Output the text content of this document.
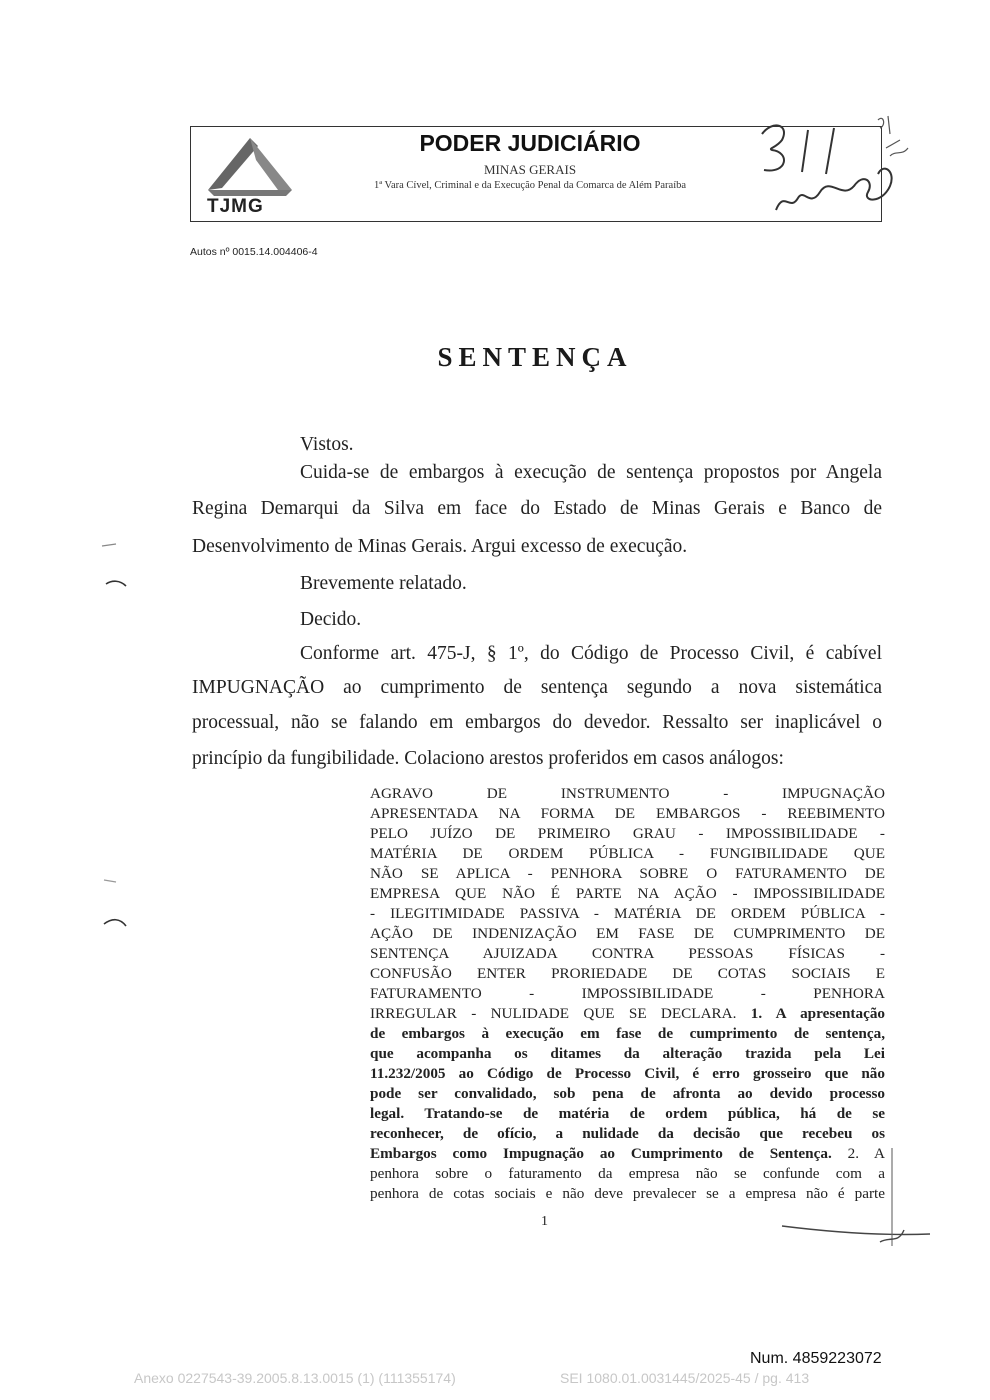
TJMG
PODER JUDICIÁRIO
MINAS GERAIS
1ª Vara Cível, Criminal e da Execução Penal da Comarca de Além Paraíba
Autos nº 0015.14.004406-4
SENTENÇA
Vistos.
Cuida-se de embargos à execução de sentença propostos por Angela
Regina Demarqui da Silva em face do Estado de Minas Gerais e Banco de
Desenvolvimento de Minas Gerais. Argui excesso de execução.
Brevemente relatado.
Decido.
Conforme art. 475-J, § 1º, do Código de Processo Civil, é cabível
IMPUGNAÇÃO ao cumprimento de sentença segundo a nova sistemática
processual, não se falando em embargos do devedor. Ressalto ser inaplicável o
princípio da fungibilidade. Colaciono arestos proferidos em casos análogos:
AGRAVO DE INSTRUMENTO - IMPUGNAÇÃO
APRESENTADA NA FORMA DE EMBARGOS - REEBIMENTO
PELO JUÍZO DE PRIMEIRO GRAU - IMPOSSIBILIDADE -
MATÉRIA DE ORDEM PÚBLICA - FUNGIBILIDADE QUE
NÃO SE APLICA - PENHORA SOBRE O FATURAMENTO DE
EMPRESA QUE NÃO É PARTE NA AÇÃO - IMPOSSIBILIDADE
- ILEGITIMIDADE PASSIVA - MATÉRIA DE ORDEM PÚBLICA -
AÇÃO DE INDENIZAÇÃO EM FASE DE CUMPRIMENTO DE
SENTENÇA AJUIZADA CONTRA PESSOAS FÍSICAS -
CONFUSÃO ENTER PRORIEDADE DE COTAS SOCIAIS E
FATURAMENTO - IMPOSSIBILIDADE - PENHORA
IRREGULAR - NULIDADE QUE SE DECLARA. 1. A apresentação
de embargos à execução em fase de cumprimento de sentença,
que acompanha os ditames da alteração trazida pela Lei
11.232/2005 ao Código de Processo Civil, é erro grosseiro que não
pode ser convalidado, sob pena de afronta ao devido processo
legal. Tratando-se de matéria de ordem pública, há de se
reconhecer, de ofício, a nulidade da decisão que recebeu os
Embargos como Impugnação ao Cumprimento de Sentença. 2. A
penhora sobre o faturamento da empresa não se confunde com a
penhora de cotas sociais e não deve prevalecer se a empresa não é parte
1
Num. 4859223072
Anexo 0227543-39.2005.8.13.0015 (1) (111355174)	SEI 1080.01.0031445/2025-45 / pg. 413
